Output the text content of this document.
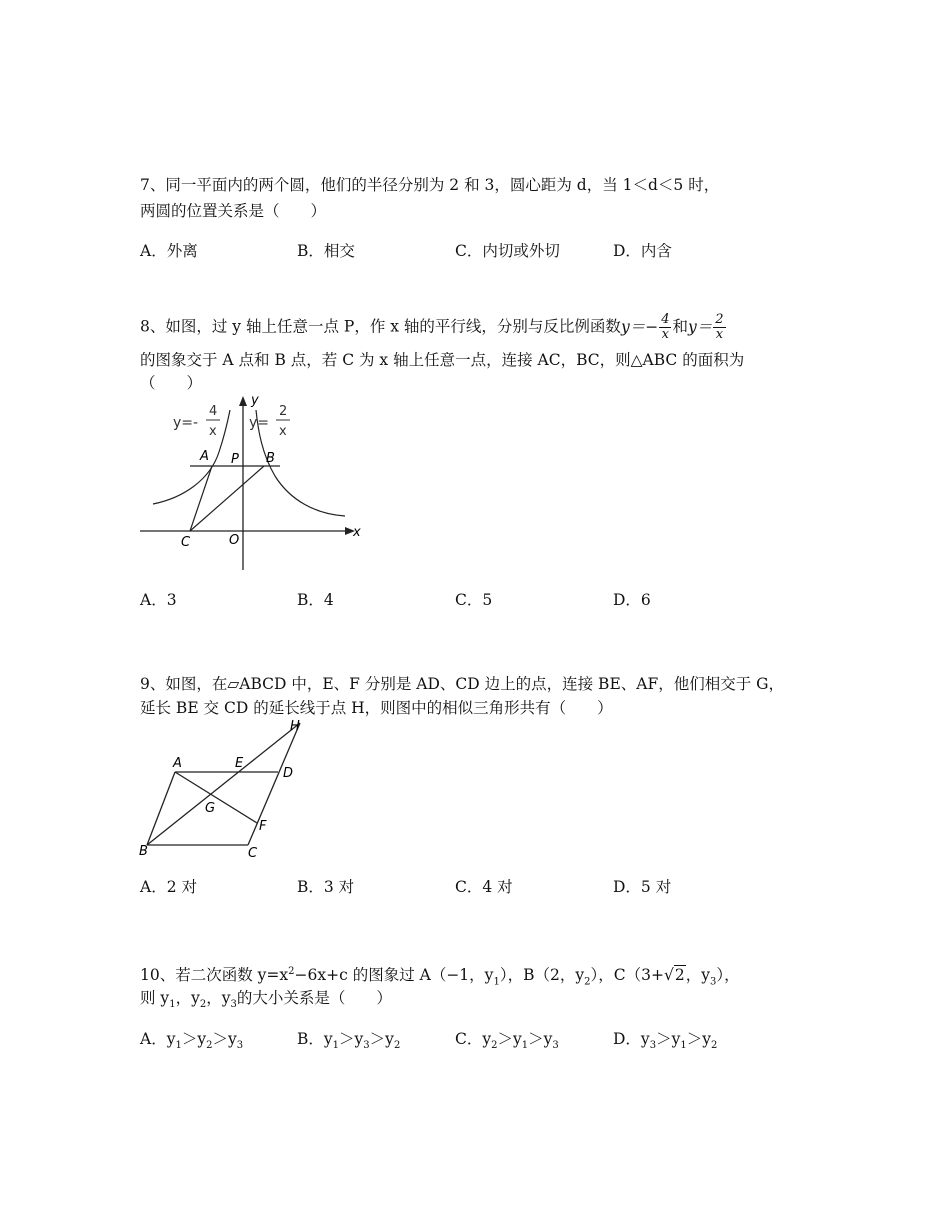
7、同一平面内的两个圆，他们的半径分别为 2 和 3，圆心距为 d，当 1＜d＜5 时，
两圆的位置关系是（　　）
A．外离	B．相交	C．内切或外切	D．内含
8、如图，过 y 轴上任意一点 P，作 x 轴的平行线，分别与反比例函数$y=- \frac{4}{x}$ 和$y= \frac{2}{x}$
的图象交于 A 点和 B 点，若 C 为 x 轴上任意一点，连接 AC，BC，则△ABC 的面积为
（　　）
y
x
O
A P B
C
y=-
4
x
y=
2
x
A．3	B．4	C．5	D．6
9、如图，在▱ABCD 中，E、F 分别是 AD、CD 边上的点，连接 BE、AF，他们相交于 G，
延长 BE 交 CD 的延长线于点 H，则图中的相似三角形共有（　　）
A	E
D
H
G
F
B	C
A．2 对	B．3 对	C．4 对	D．5 对
10、若二次函数 $y=x^2-6x+c$ 的图象过 A（−1，$y_1$），B（2，$y_2$），C（3+√2，$y_3$），
则 $y_1$，$y_2$，$y_3$的大小关系是（　　）
A．$y_1>y_2>y_3$	B．$y_1>y_3>y_2$	C．$y_2>y_1>y_3$	D．$y_3>y_1>y_2$
